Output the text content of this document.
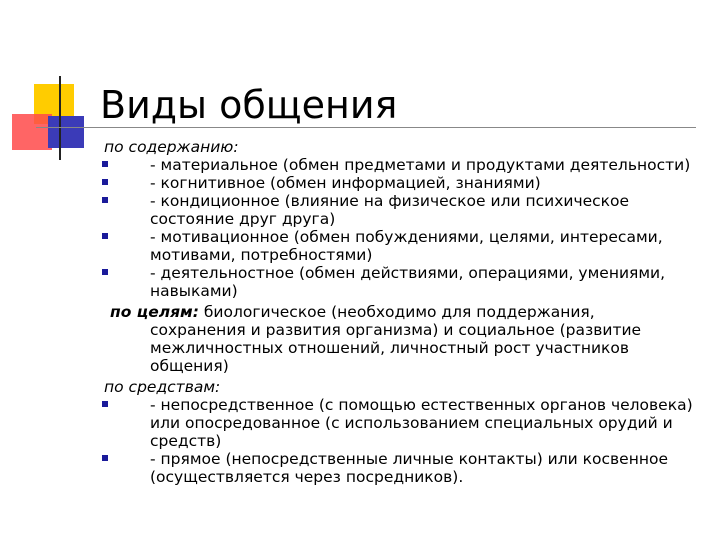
Виды общения

по содержанию:

- материальное (обмен предметами и продуктами деятельности)
- когнитивное (обмен информацией, знаниями)
- кондиционное (влияние на физическое или психическое состояние друг друга)
- мотивационное (обмен побуждениями, целями, интересами, мотивами, потребностями)
- деятельностное (обмен действиями, операциями, умениями, навыками)
по целям: биологическое (необходимо для поддержания,
сохранения и развития организма) и социальное (развитие межличностных отношений, личностный рост участников общения)

по средствам:

- непосредственное (с помощью естественных органов человека) или опосредованное (с использованием специальных орудий и средств)
- прямое (непосредственные личные контакты) или косвенное (осуществляется через посредников).
